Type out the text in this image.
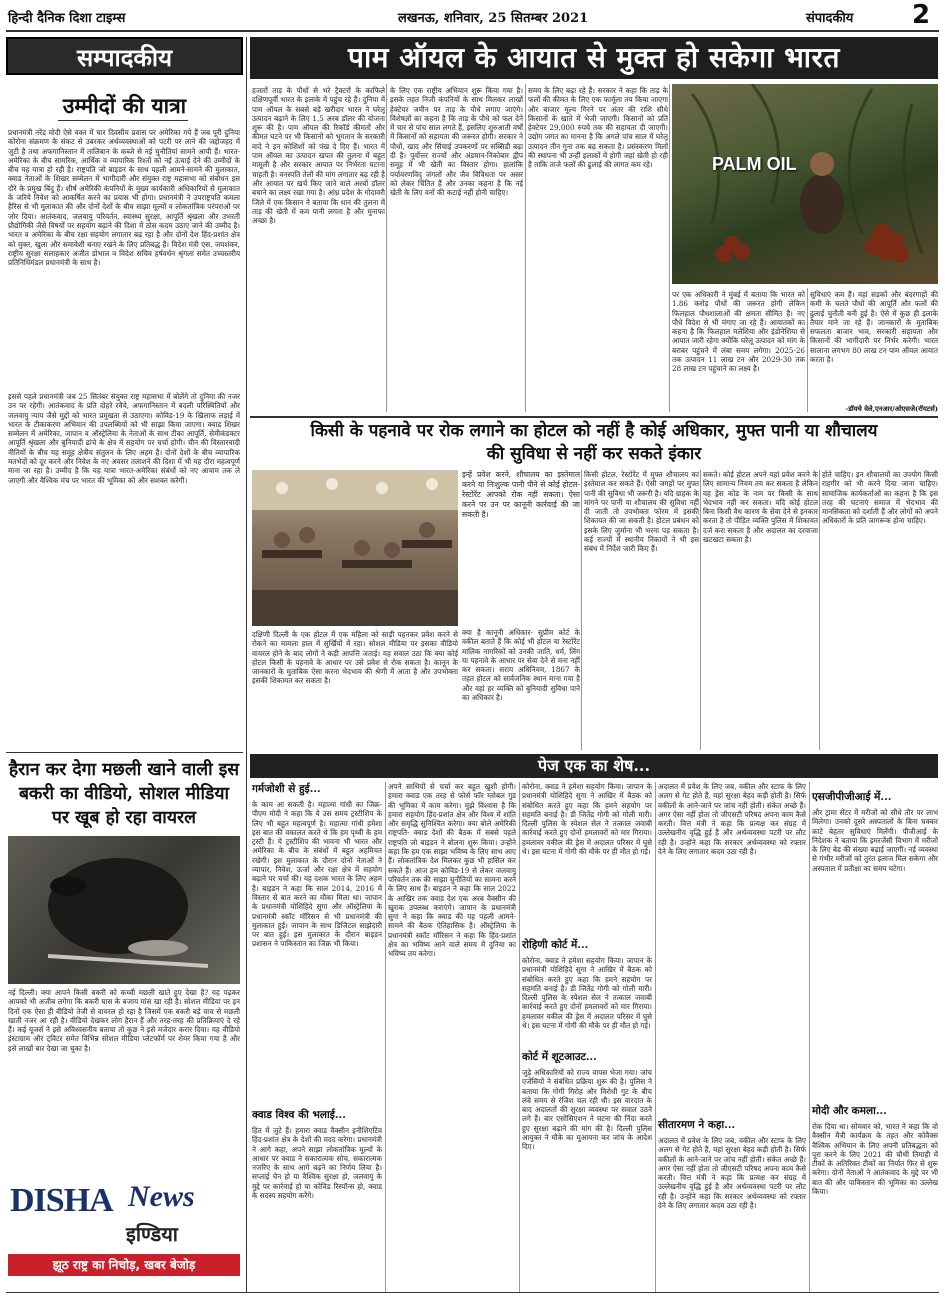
हिन्दी दैनिक दिशा टाइम्स	लखनऊ, शनिवार, 25 सितम्बर 2021	संपादकीय 2
सम्पादकीय	पाम ऑयल के आयात से मुक्त हो सकेगा भारत
उम्मीदों की यात्रा
प्रधानमंत्री नरेंद्र मोदी ऐसे वक्त में चार दिवसीय प्रवास पर अमेरिका गये हैं जब पूरी दुनिया कोरोना संक्रमण के संकट से उबरकर अर्थव्यवस्थाओं को पटरी पर लाने की जद्दोजहद में जुटी है तथा अफगानिस्तान में तालिबान के कब्जे से नई चुनौतियां सामने आयी हैं। भारत-अमेरिका के बीच सामरिक, आर्थिक व व्यापारिक रिश्तों को नई ऊंचाई देने की उम्मीदों के बीच यह यात्रा हो रही है। राष्ट्रपति जो बाइडन के साथ पहली आमने-सामने की मुलाकात, क्वाड नेताओं के शिखर सम्मेलन में भागीदारी और संयुक्त राष्ट्र महासभा को संबोधन इस दौरे के प्रमुख बिंदु हैं। शीर्ष अमेरिकी कंपनियों के मुख्य कार्यकारी अधिकारियों से मुलाकात के जरिये निवेश को आकर्षित करने का प्रयास भी होगा। प्रधानमंत्री ने उपराष्ट्रपति कमला हैरिस से भी मुलाकात की और दोनों देशों के बीच साझा मूल्यों व लोकतांत्रिक परंपराओं पर जोर दिया। आतंकवाद, जलवायु परिवर्तन, स्वास्थ्य सुरक्षा, आपूर्ति श्रृंखला और उभरती प्रौद्योगिकी जैसे विषयों पर सहयोग बढ़ाने की दिशा में ठोस कदम उठाए जाने की उम्मीद है। भारत व अमेरिका के बीच रक्षा सहयोग लगातार बढ़ रहा है और दोनों देश हिंद-प्रशांत क्षेत्र को मुक्त, खुला और समावेशी बनाए रखने के लिए प्रतिबद्ध हैं। विदेश मंत्री एस. जयशंकर, राष्ट्रीय सुरक्षा सलाहकार अजीत डोभाल व विदेश सचिव हर्षवर्धन श्रृंगला समेत उच्चस्तरीय प्रतिनिधिमंडल प्रधानमंत्री के साथ है।
इससे पहले प्रधानमंत्री जब 25 सितंबर संयुक्त राष्ट्र महासभा में बोलेंगे तो दुनिया की नजर उन पर रहेगी। आतंकवाद के प्रति दोहरे रवैये, अफगानिस्तान में बदली परिस्थितियों और जलवायु न्याय जैसे मुद्दों को भारत प्रमुखता से उठाएगा। कोविड-19 के खिलाफ लड़ाई में भारत के टीकाकरण अभियान की उपलब्धियों को भी साझा किया जाएगा। क्वाड शिखर सम्मेलन में अमेरिका, जापान व ऑस्ट्रेलिया के नेताओं के साथ टीका आपूर्ति, सेमीकंडक्टर आपूर्ति श्रृंखला और बुनियादी ढांचे के क्षेत्र में सहयोग पर चर्चा होगी। चीन की विस्तारवादी नीतियों के बीच यह समूह क्षेत्रीय संतुलन के लिए अहम है। दोनों देशों के बीच व्यापारिक मतभेदों को दूर करने और निवेश के नए अवसर तलाशने की दिशा में भी यह दौरा महत्वपूर्ण माना जा रहा है। उम्मीद है कि यह यात्रा भारत-अमेरिका संबंधों को नए आयाम तक ले जाएगी और वैश्विक मंच पर भारत की भूमिका को और सशक्त करेगी।
हजारों ताड़ के पौधों से भरे ट्रैक्टरों के काफिले दक्षिणपूर्वी भारत के इलाके में पहुंच रहे हैं। दुनिया में पाम ऑयल के सबसे बड़े खरीदार भारत ने घरेलू उत्पादन बढ़ाने के लिए 1.5 अरब डॉलर की योजना शुरू की है। पाम ऑयल की रिकॉर्ड कीमतों और कीमत घटने पर भी किसानों को भुगतान के सरकारी वादे ने इन कोशिशों को पंख दे दिए हैं। भारत में पाम ऑयल का उत्पादन खपत की तुलना में बहुत मामूली है और सरकार आयात पर निर्भरता घटाना चाहती है। वनस्पति तेलों की मांग लगातार बढ़ रही है और आयात पर खर्च किए जाने वाले अरबों डॉलर बचाने का लक्ष्य रखा गया है। आंध्र प्रदेश के गोदावरी जिले में एक किसान ने बताया कि धान की तुलना में ताड़ की खेती में कम पानी लगता है और मुनाफा अच्छा है।
के लिए एक राष्ट्रीय अभियान शुरू किया गया है। इसके तहत निजी कंपनियों के साथ मिलकर लाखों हेक्टेयर जमीन पर ताड़ के पौधे लगाए जाएंगे। विशेषज्ञों का कहना है कि ताड़ के पौधे को फल देने में चार से पांच साल लगते हैं, इसलिए शुरुआती वर्षों में किसानों को सहायता की जरूरत होगी। सरकार ने पौधों, खाद और सिंचाई उपकरणों पर सब्सिडी बढ़ा दी है। पूर्वोत्तर राज्यों और अंडमान-निकोबार द्वीप समूह में भी खेती का विस्तार होगा। हालांकि पर्यावरणविद् जंगलों और जैव विविधता पर असर को लेकर चिंतित हैं और उनका कहना है कि नई खेती के लिए वनों की कटाई नहीं होनी चाहिए।
समय के लिए बढ़ा रहे हैं। सरकार ने कहा कि ताड़ के फलों की कीमत के लिए एक फार्मूला तय किया जाएगा और बाजार मूल्य गिरने पर अंतर की राशि सीधे किसानों के खाते में भेजी जाएगी। किसानों को प्रति हेक्टेयर 29,000 रुपये तक की सहायता दी जाएगी। उद्योग जगत का मानना है कि अगले पांच साल में घरेलू उत्पादन तीन गुना तक बढ़ सकता है। प्रसंस्करण मिलों की स्थापना भी उन्हीं इलाकों में होगी जहां खेती हो रही है ताकि ताजे फलों की ढुलाई की लागत कम रहे।	PALM OIL
पर एक अधिकारी ने मुंबई में बताया कि भारत को 1.86 करोड़ पौधों की जरूरत होगी लेकिन फिलहाल पौधशालाओं की क्षमता सीमित है। नए पौधे विदेश से भी मंगाए जा रहे हैं। आयातकों का कहना है कि फिलहाल मलेशिया और इंडोनेशिया से आयात जारी रहेगा क्योंकि घरेलू उत्पादन को मांग के बराबर पहुंचने में लंबा समय लगेगा। 2025-26 तक उत्पादन 11 लाख टन और 2029-30 तक 28 लाख टन पहुंचाने का लक्ष्य है।
सुविधाएं कम हैं। वहां सड़कों और बंदरगाहों की कमी के चलते पौधों की आपूर्ति और फलों की ढुलाई चुनौती बनी हुई है। ऐसे में कुछ ही इलाके तैयार माने जा रहे हैं। जानकारों के मुताबिक सफलता बाजार भाव, सरकारी सहायता और किसानों की भागीदारी पर निर्भर करेगी। भारत सालाना लगभग 80 लाख टन पाम ऑयल आयात करता है।
-डॉयचे वेले,एनआर/ओएसजे(रॉयटर्स)
किसी के पहनावे पर रोक लगाने का होटल को नहीं है कोई अधिकार, मुफ्त पानी या शौचालय
की सुविधा से नहीं कर सकते इंकार
इन्हें प्रवेश करने, शौचालय का इस्तेमाल करने या निःशुल्क पानी पीने से कोई होटल-रेस्टोरेंट आपको रोक नहीं सकता। ऐसा करने पर उन पर कानूनी कार्रवाई की जा सकती है।
दक्षिणी दिल्ली के एक होटल में एक महिला को साड़ी पहनकर प्रवेश करने से रोकने का मामला हाल में सुर्खियों में रहा। सोशल मीडिया पर इसका वीडियो वायरल होने के बाद लोगों ने कड़ी आपत्ति जताई। यह सवाल उठा कि क्या कोई होटल किसी के पहनावे के आधार पर उसे प्रवेश से रोक सकता है। कानून के जानकारों के मुताबिक ऐसा करना भेदभाव की श्रेणी में आता है और उपभोक्ता इसकी शिकायत कर सकता है।
क्या है कानूनी अधिकार- सुप्रीम कोर्ट के वकील बताते हैं कि कोई भी होटल या रेस्टोरेंट मालिक नागरिकों को उनकी जाति, धर्म, लिंग या पहनावे के आधार पर सेवा देने से मना नहीं कर सकता। सराय अधिनियम, 1867 के तहत होटल को सार्वजनिक स्थान माना गया है और वहां हर व्यक्ति को बुनियादी सुविधा पाने का अधिकार है।
किसी होटल, रेस्टोरेंट में मुफ्त शौचालय का इस्तेमाल कर सकते हैं। ऐसी जगहों पर मुफ्त पानी की सुविधा भी जरूरी है। यदि ग्राहक के मांगने पर पानी या शौचालय की सुविधा नहीं दी जाती तो उपभोक्ता फोरम में इसकी शिकायत की जा सकती है। होटल प्रबंधन को इसके लिए जुर्माना भी भरना पड़ सकता है। कई राज्यों में स्थानीय निकायों ने भी इस संबंध में निर्देश जारी किए हैं।
सकते। कोई होटल अपने यहां प्रवेश करने के लिए सामान्य नियम तय कर सकता है लेकिन वह ड्रेस कोड के नाम पर किसी के साथ भेदभाव नहीं कर सकता। यदि कोई होटल बिना किसी वैध कारण के सेवा देने से इनकार करता है तो पीड़ित व्यक्ति पुलिस में शिकायत दर्ज करा सकता है और अदालत का दरवाजा खटखटा सकता है।
होते चाहिए। इन शौचालयों का उपयोग किसी राहगीर को भी करने दिया जाना चाहिए। सामाजिक कार्यकर्ताओं का कहना है कि इस तरह की घटनाएं समाज में भेदभाव की मानसिकता को दर्शाती हैं और लोगों को अपने अधिकारों के प्रति जागरूक होना चाहिए।
पेज एक का शेष...
हैरान कर देगा मछली खाने वाली इस बकरी का वीडियो, सोशल मीडिया पर खूब हो रहा वायरल
नई दिल्ली। क्या आपने किसी बकरी को कच्ची मछली खाते हुए देखा है? यह पढ़कर आपको भी अजीब लगेगा कि बकरी घास के बजाय मांस खा रही है। सोशल मीडिया पर इन दिनों एक ऐसा ही वीडियो तेजी से वायरल हो रहा है जिसमें एक बकरी बड़े चाव से मछली खाती नजर आ रही है। वीडियो देखकर लोग हैरान हैं और तरह-तरह की प्रतिक्रियाएं दे रहे हैं। कई यूजर्स ने इसे अविश्वसनीय बताया तो कुछ ने इसे मजेदार करार दिया। यह वीडियो इंस्टाग्राम और ट्विटर समेत विभिन्न सोशल मीडिया प्लेटफॉर्म पर शेयर किया गया है और इसे लाखों बार देखा जा चुका है।
DISHA News
इण्डिया
झूठ राष्ट्र का निचोड़, खबर बेजोड़
गर्मजोशी से हुई...
के काम आ सकती है। महात्मा गांधी का जिक्र- पीएम मोदी ने कहा कि ये उस समय ट्रस्टीशिप के लिए भी बहुत महत्वपूर्ण है। महात्मा गांधी हमेशा इस बात की वकालत करते थे कि हम पृथ्वी के हम ट्रस्टी हैं। ये ट्रस्टीशिप की भावना भी भारत और अमेरिका के बीच के संबंधों में बहुत अहमियत रखेगी। इस मुलाकात के दौरान दोनों नेताओं ने व्यापार, निवेश, ऊर्जा और रक्षा क्षेत्र में सहयोग बढ़ाने पर चर्चा की। यह दशक भारत के लिए अहम है। बाइडन ने कहा कि साल 2014, 2016 में विस्तार से बात करने का मौका मिला था। जापान के प्रधानमंत्री योशिहिदे सुगा और ऑस्ट्रेलिया के प्रधानमंत्री स्कॉट मॉरिसन से भी प्रधानमंत्री की मुलाकात हुई। जापान के साथ डिजिटल साझेदारी पर बात हुई। इस मुलाकात के दौरान बाइडन प्रशासन ने पाकिस्तान का जिक्र भी किया।
क्वाड विश्व की भलाई...
हित में जुटे हैं। हमारा क्वाड वैक्सीन इनीशिएटिव हिंद-प्रशांत क्षेत्र के देशों की मदद करेगा। प्रधानमंत्री ने आगे कहा, अपने साझा लोकतांत्रिक मूल्यों के आधार पर क्वाड ने सकारात्मक सोच, सकारात्मक नजरिए के साथ आगे बढ़ने का निर्णय लिया है। सप्लाई चेन हो या वैश्विक सुरक्षा हो, जलवायु के मुद्दे पर कार्रवाई हो या कोविड रिस्पॉन्स हो, क्वाड के सदस्य सहयोग करेंगे।
अपने साथियों से चर्चा कर बहुत खुशी होगी। हमारा क्वाड एक तरह से फोर्स फॉर ग्लोबल गुड की भूमिका में काम करेगा। मुझे विश्वास है कि हमारा सहयोग हिंद-प्रशांत क्षेत्र और विश्व में शांति और समृद्धि सुनिश्चित करेगा। क्या बोले अमेरिकी राष्ट्रपति- क्वाड देशों की बैठक में सबसे पहले राष्ट्रपति जो बाइडन ने बोलना शुरू किया। उन्होंने कहा कि हम एक साझा भविष्य के लिए साथ आए हैं। लोकतांत्रिक देश मिलकर कुछ भी हासिल कर सकते हैं। आज हम कोविड-19 से लेकर जलवायु परिवर्तन तक की साझा चुनौतियों का सामना करने के लिए साथ हैं। बाइडन ने कहा कि साल 2022 के आखिर तक क्वाड देश एक अरब वैक्सीन की खुराक उपलब्ध कराएंगे। जापान के प्रधानमंत्री सुगा ने कहा कि क्वाड की यह पहली आमने-सामने की बैठक ऐतिहासिक है। ऑस्ट्रेलिया के प्रधानमंत्री स्कॉट मॉरिसन ने कहा कि हिंद-प्रशांत क्षेत्र का भविष्य आने वाले समय में दुनिया का भविष्य तय करेगा।
कोरोना, क्वाड ने हमेशा सहयोग किया। जापान के प्रधानमंत्री योशिहिदे सुगा ने आखिर में बैठक को संबोधित करते हुए कहा कि हमने सहयोग पर सहमति बनाई है। डी जितेंद्र गोगी को गोली मारी। दिल्ली पुलिस के स्पेशल सेल ने तत्काल जवाबी कार्रवाई करते हुए दोनों हमलावरों को मार गिराया। हमलावर वकील की ड्रेस में अदालत परिसर में घुसे थे। इस घटना में गोगी की मौके पर ही मौत हो गई।
रोहिणी कोर्ट में...
कोरोना, क्वाड ने हमेशा सहयोग किया। जापान के प्रधानमंत्री योशिहिदे सुगा ने आखिर में बैठक को संबोधित करते हुए कहा कि हमने सहयोग पर सहमति बनाई है। डी जितेंद्र गोगी को गोली मारी। दिल्ली पुलिस के स्पेशल सेल ने तत्काल जवाबी कार्रवाई करते हुए दोनों हमलावरों को मार गिराया। हमलावर वकील की ड्रेस में अदालत परिसर में घुसे थे। इस घटना में गोगी की मौके पर ही मौत हो गई।
कोर्ट में शूटआउट...
जुड़े अधिकारियों को राज्य वापस भेजा गया। जांच एजेंसियों ने संबंधित प्रक्रिया शुरू की है। पुलिस ने बताया कि गोगी गिरोह और विरोधी गुट के बीच लंबे समय से रंजिश चल रही थी। इस वारदात के बाद अदालतों की सुरक्षा व्यवस्था पर सवाल उठने लगे हैं। बार एसोसिएशन ने घटना की निंदा करते हुए सुरक्षा बढ़ाने की मांग की है। दिल्ली पुलिस आयुक्त ने मौके का मुआयना कर जांच के आदेश दिए।
अदालत में प्रवेश के लिए जब, वकील और स्टाफ के लिए अलग से गेट होते हैं, यहां सुरक्षा बेहद कड़ी होती है। सिर्फ वकीलों के आने-जाने पर जांच नहीं होती। संकेत अच्छे हैं। अगर ऐसा नहीं होता तो जीएसटी परिषद अपना काम कैसे करती। वित्त मंत्री ने कहा कि प्रत्यक्ष कर संग्रह में उल्लेखनीय वृद्धि हुई है और अर्थव्यवस्था पटरी पर लौट रही है। उन्होंने कहा कि सरकार अर्थव्यवस्था को रफ्तार देने के लिए लगातार कदम उठा रही है।
सीतारमण ने कहा...
अदालत में प्रवेश के लिए जब, वकील और स्टाफ के लिए अलग से गेट होते हैं, यहां सुरक्षा बेहद कड़ी होती है। सिर्फ वकीलों के आने-जाने पर जांच नहीं होती। संकेत अच्छे हैं। अगर ऐसा नहीं होता तो जीएसटी परिषद अपना काम कैसे करती। वित्त मंत्री ने कहा कि प्रत्यक्ष कर संग्रह में उल्लेखनीय वृद्धि हुई है और अर्थव्यवस्था पटरी पर लौट रही है। उन्होंने कहा कि सरकार अर्थव्यवस्था को रफ्तार देने के लिए लगातार कदम उठा रही है।
एसजीपीजीआई में...
और ट्रामा सेंटर में मरीजों को सीधे तौर पर लाभ मिलेगा। उनको दूसरे अस्पतालों के बिना चक्कर काटे बेहतर सुविधाएं मिलेंगी। पीजीआई के निदेशक ने बताया कि इमरजेंसी विभाग में मरीजों के लिए बेड की संख्या बढ़ाई जाएगी। नई व्यवस्था से गंभीर मरीजों को तुरंत इलाज मिल सकेगा और अस्पताल में प्रतीक्षा का समय घटेगा।
मोदी और कमला...
रोक दिया था। सोमवार को, भारत ने कहा कि वो वैक्सीन मैत्री कार्यक्रम के तहत और कोवैक्स वैश्विक अभियान के लिए अपनी प्रतिबद्धता को पूरा करने के लिए 2021 की चौथी तिमाही में टीकों के अतिरिक्त टीकों का निर्यात फिर से शुरू करेगा। दोनों नेताओं ने आतंकवाद के मुद्दे पर भी बात की और पाकिस्तान की भूमिका का उल्लेख किया।
